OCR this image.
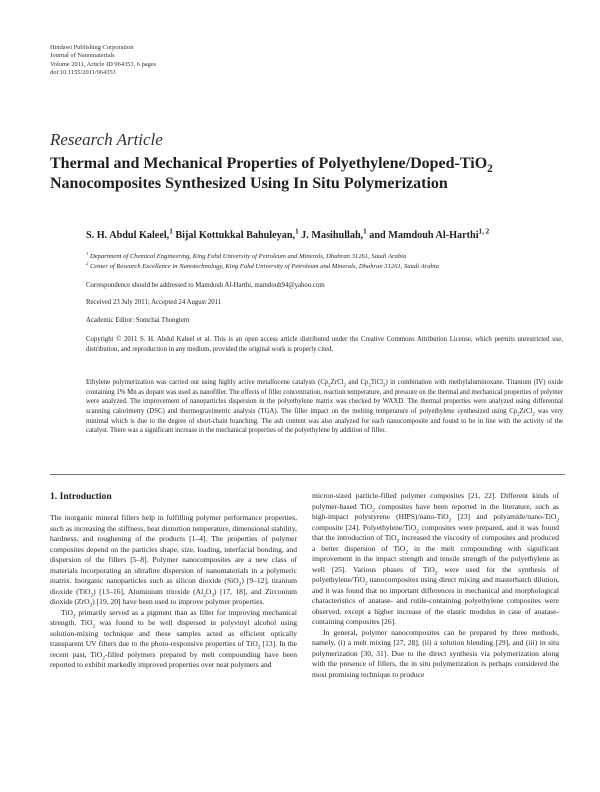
Hindawi Publishing Corporation
Journal of Nanomaterials
Volume 2011, Article ID 964353, 6 pages
doi:10.1155/2011/964353
Research Article
Thermal and Mechanical Properties of Polyethylene/Doped-TiO$_2$
Nanocomposites Synthesized Using In Situ Polymerization
S. H. Abdul Kaleel,$^1$ Bijal Kottukkal Bahuleyan,$^1$ J. Masihullah,$^1$ and Mamdouh Al-Harthi$^{1, 2}$
$^1$ Department of Chemical Engineering, King Fahd University of Petroleum and Minerals, Dhahran 31261, Saudi Arabia
$^2$ Center of Research Excellence in Nanotechnology, King Fahd University of Petroleum and Minerals, Dhahran 31261, Saudi Arabia
Correspondence should be addressed to Mamdouh Al-Harthi, mamdouh94@yahoo.com
Received 23 July 2011; Accepted 24 August 2011
Academic Editor: Somchai Thongtem
Copyright © 2011 S. H. Abdul Kaleel et al. This is an open access article distributed under the Creative Commons Attribution License, which permits unrestricted use, distribution, and reproduction in any medium, provided the original work is properly cited.
Ethylene polymerization was carried out using highly active metallocene catalysts ($Cp_2ZrCl_2$ and $Cp_2TiCl_2$) in combination with methylaluminoxane. Titanium (IV) oxide containing 1% Mn as dopant was used as nanofiller. The effects of filler concentration, reaction temperature, and pressure on the thermal and mechanical properties of polymer were analyzed. The improvement of nanoparticles dispersion in the polyethylene matrix was checked by WAXD. The thermal properties were analyzed using differential scanning calorimetry (DSC) and thermogravimetric analysis (TGA). The filler impact on the melting temperature of polyethylene synthesized using $Cp_2ZrCl_2$ was very minimal which is due to the degree of short-chain branching. The ash content was also analyzed for each nanocomposite and found to be in line with the activity of the catalyst. There was a significant increase in the mechanical properties of the polyethylene by addition of filler.
1. Introduction

The inorganic mineral fillers help in fulfilling polymer performance properties, such as increasing the stiffness, heat distortion temperature, dimensional stability, hardness, and toughening of the products [1–4]. The properties of polymer composites depend on the particles shape, size, loading, interfacial bonding, and dispersion of the fillers [5–8]. Polymer nanocomposites are a new class of materials incorporating an ultrafine dispersion of nanomaterials in a polymeric matrix. Inorganic nanoparticles such as silicon dioxide (SiO$_2$) [9–12], titanium dioxide (TiO$_2$) [13–16], Aluminium trioxide $(Al_2O_3)$ [17, 18], and Zirconium dioxide (ZrO$_2$) [19, 20] have been used to improve polymer properties.

TiO$_2$ primarily served as a pigment than as filler for improving mechanical strength. TiO$_2$ was found to be well dispersed in polyvinyl alcohol using solution-mixing technique and these samples acted as efficient optically transparent UV filters due to the photo-responsive properties of TiO$_2$ [13]. In the recent past, TiO$_2$-filled polymers prepared by melt compounding have been reported to exhibit markedly improved properties over neat polymers and

micron-sized particle-filled polymer composites [21, 22]. Different kinds of polymer-based TiO$_2$ composites have been reported in the literature, such as high-impact polystyrene (HIPS)/nano-TiO$_2$ [23] and polyamide/nano-TiO$_2$ composite [24]. Polyethylene/TiO$_2$ composites were prepared, and it was found that the introduction of TiO$_2$ increased the viscosity of composites and produced a better dispersion of TiO$_2$ in the melt compounding with significant improvement in the impact strength and tensile strength of the polyethylene as well [25]. Various phases of TiO$_2$ were used for the synthesis of polyethylene/TiO$_2$ nanocomposites using direct mixing and masterbatch dilution, and it was found that no important differences in mechanical and morphological characteristics of anatase- and rutile-containing polyethylene composites were observed, except a higher increase of the elastic modulus in case of anatase-containing composites [26].

In general, polymer nanocomposites can be prepared by three methods, namely, (i) a melt mixing [27, 28], (ii) a solution blending [29], and (iii) in situ polymerization [30, 31]. Due to the direct synthesis via polymerization along with the presence of fillers, the in situ polymerization is perhaps considered the most promising technique to produce
